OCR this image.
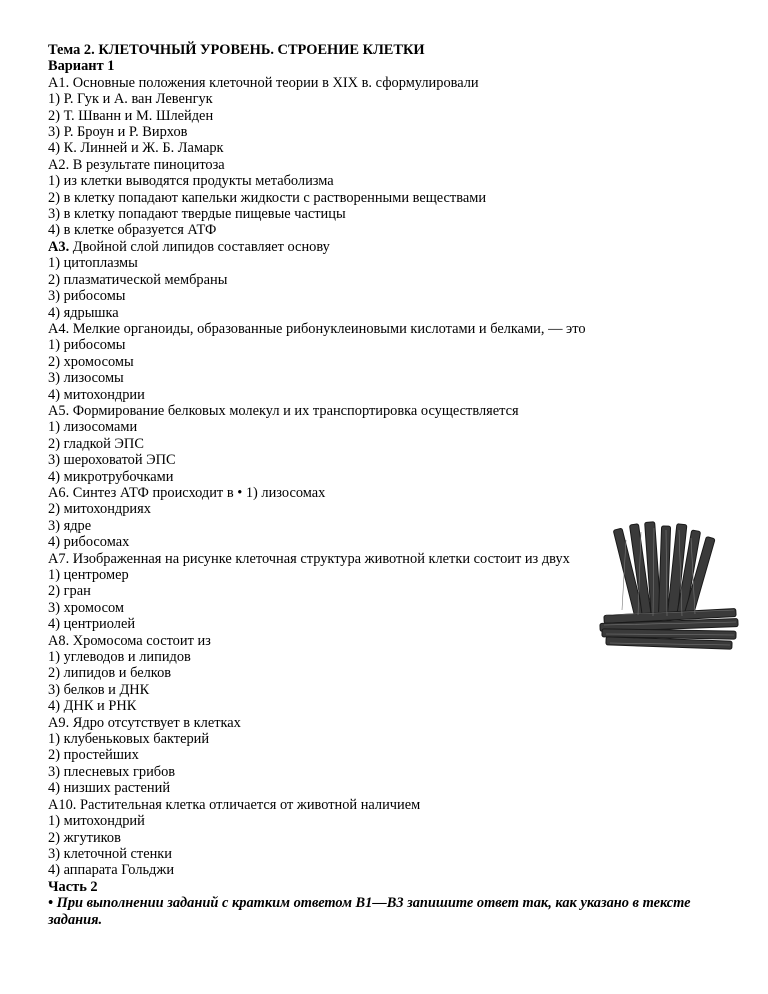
Тема 2. КЛЕТОЧНЫЙ УРОВЕНЬ. СТРОЕНИЕ КЛЕТКИ
Вариант 1
А1. Основные положения клеточной теории в XIX в. сформулировали
1) Р. Гук и А. ван Левенгук
2) Т. Шванн и М. Шлейден
3) Р. Броун и Р. Вирхов
4) К. Линней и Ж. Б. Ламарк
А2. В результате пиноцитоза
1) из клетки выводятся продукты метаболизма
2) в клетку попадают капельки жидкости с растворенными веществами
3) в клетку попадают твердые пищевые частицы
4) в клетке образуется АТФ
А3. Двойной слой липидов составляет основу
1) цитоплазмы
2) плазматической мембраны
3) рибосомы
4) ядрышка
А4. Мелкие органоиды, образованные рибонуклеиновыми кислотами и белками, — это
1) рибосомы
2) хромосомы
3) лизосомы
4) митохондрии
А5. Формирование белковых молекул и их транспортировка осуществляется
1) лизосомами
2) гладкой ЭПС
3) шероховатой ЭПС
4) микротрубочками
А6. Синтез АТФ происходит в • 1) лизосомах
2) митохондриях
3) ядре
4) рибосомах
А7. Изображенная на рисунке клеточная структура животной клетки состоит из двух
1) центромер
2) гран
3) хромосом
4) центриолей
А8. Хромосома состоит из
1) углеводов и липидов
2) липидов и белков
3) белков и ДНК
4) ДНК и РНК
А9. Ядро отсутствует в клетках
1) клубеньковых бактерий
2) простейших
3) плесневых грибов
4) низших растений
А10. Растительная клетка отличается от животной наличием
1) митохондрий
2) жгутиков
3) клеточной стенки
4) аппарата Гольджи
Часть 2
• При выполнении заданий с кратким ответом В1—В3 запишите ответ так, как указано в тексте задания.
